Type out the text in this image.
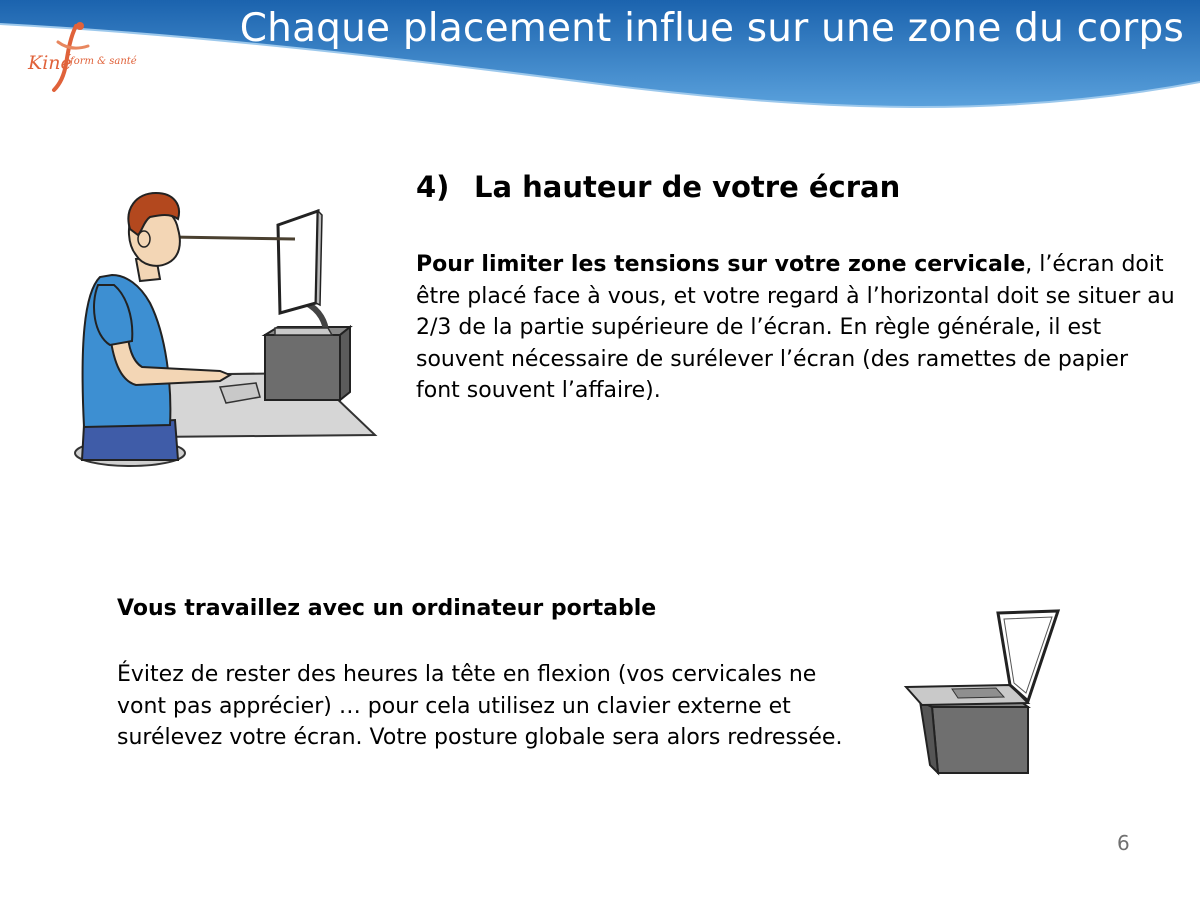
Chaque placement influe sur une zone du corps
Kiné
form & santé
4) La hauteur de votre écran
Pour limiter les tensions sur votre zone cervicale, l’écran doit être placé face à vous, et votre regard à l’horizontal doit se situer au 2/3 de la partie supérieure de l’écran. En règle générale, il est souvent nécessaire de surélever l’écran (des ramettes de papier font souvent l’affaire).
Vous travaillez avec un ordinateur portable
Évitez de rester des heures la tête en flexion (vos cervicales ne vont pas apprécier) … pour cela utilisez un clavier externe et surélevez votre écran. Votre posture globale sera alors redressée.
6
